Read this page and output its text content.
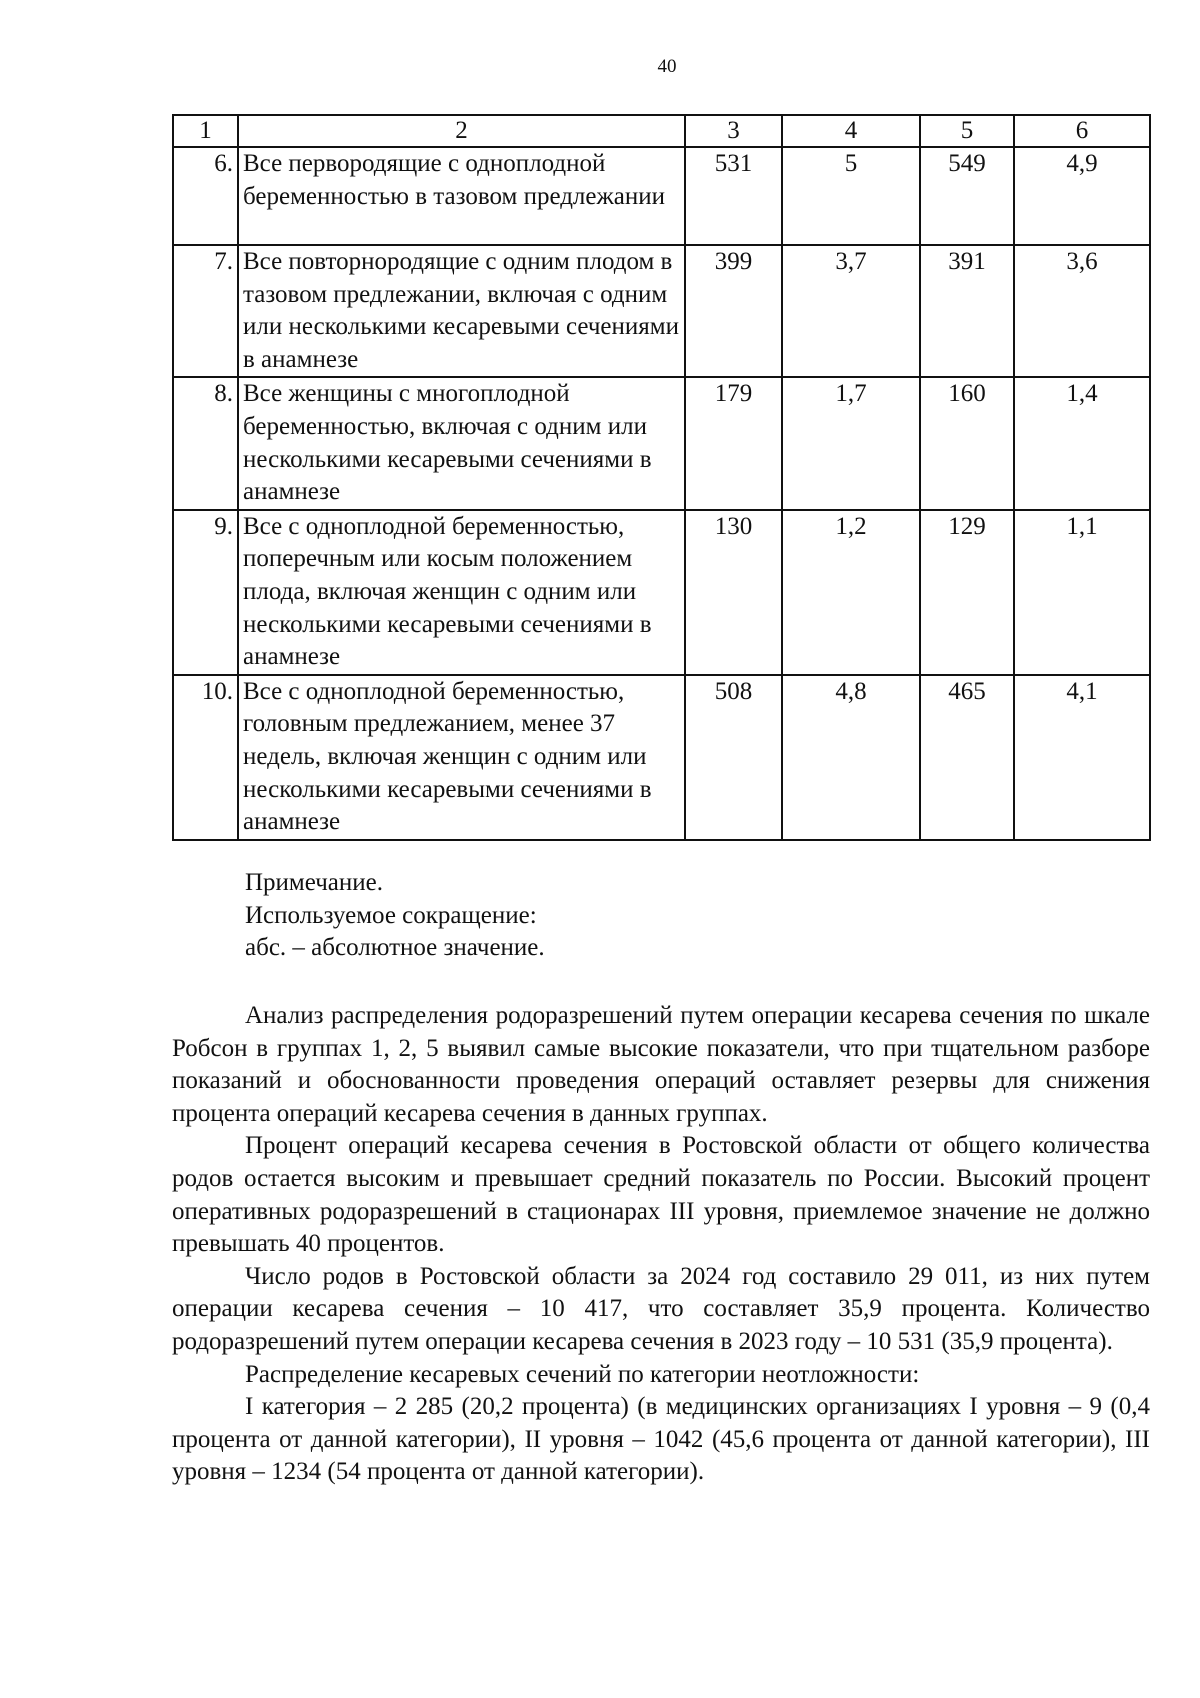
40
1	2	3	4	5	6
6.	Все первородящие с одноплодной беременностью в тазовом предлежании	531	5	549	4,9
7.	Все повторнородящие с одним плодом в тазовом предлежании, включая с одним или несколькими кесаревыми сечениями в анамнезе	399	3,7	391	3,6
8.	Все женщины с многоплодной беременностью, включая с одним или несколькими кесаревыми сечениями в анамнезе	179	1,7	160	1,4
9.	Все с одноплодной беременностью, поперечным или косым положением плода, включая женщин с одним или несколькими кесаревыми сечениями в анамнезе	130	1,2	129	1,1
10.	Все с одноплодной беременностью, головным предлежанием, менее 37 недель, включая женщин с одним или несколькими кесаревыми сечениями в анамнезе	508	4,8	465	4,1
Примечание.
Используемое сокращение:
абс. – абсолютное значение.

Анализ распределения родоразрешений путем операции кесарева сечения по шкале Робсон в группах 1, 2, 5 выявил самые высокие показатели, что при тщательном разборе показаний и обоснованности проведения операций оставляет резервы для снижения процента операций кесарева сечения в данных группах.

Процент операций кесарева сечения в Ростовской области от общего количества родов остается высоким и превышает средний показатель по России. Высокий процент оперативных родоразрешений в стационарах III уровня, приемлемое значение не должно превышать 40 процентов.

Число родов в Ростовской области за 2024 год составило 29 011, из них путем операции кесарева сечения – 10 417, что составляет 35,9 процента. Количество родоразрешений путем операции кесарева сечения в 2023 году – 10 531 (35,9 процента).

Распределение кесаревых сечений по категории неотложности:

I категория – 2 285 (20,2 процента) (в медицинских организациях I уровня – 9 (0,4 процента от данной категории), II уровня – 1042 (45,6 процента от данной категории), III уровня – 1234 (54 процента от данной категории).
